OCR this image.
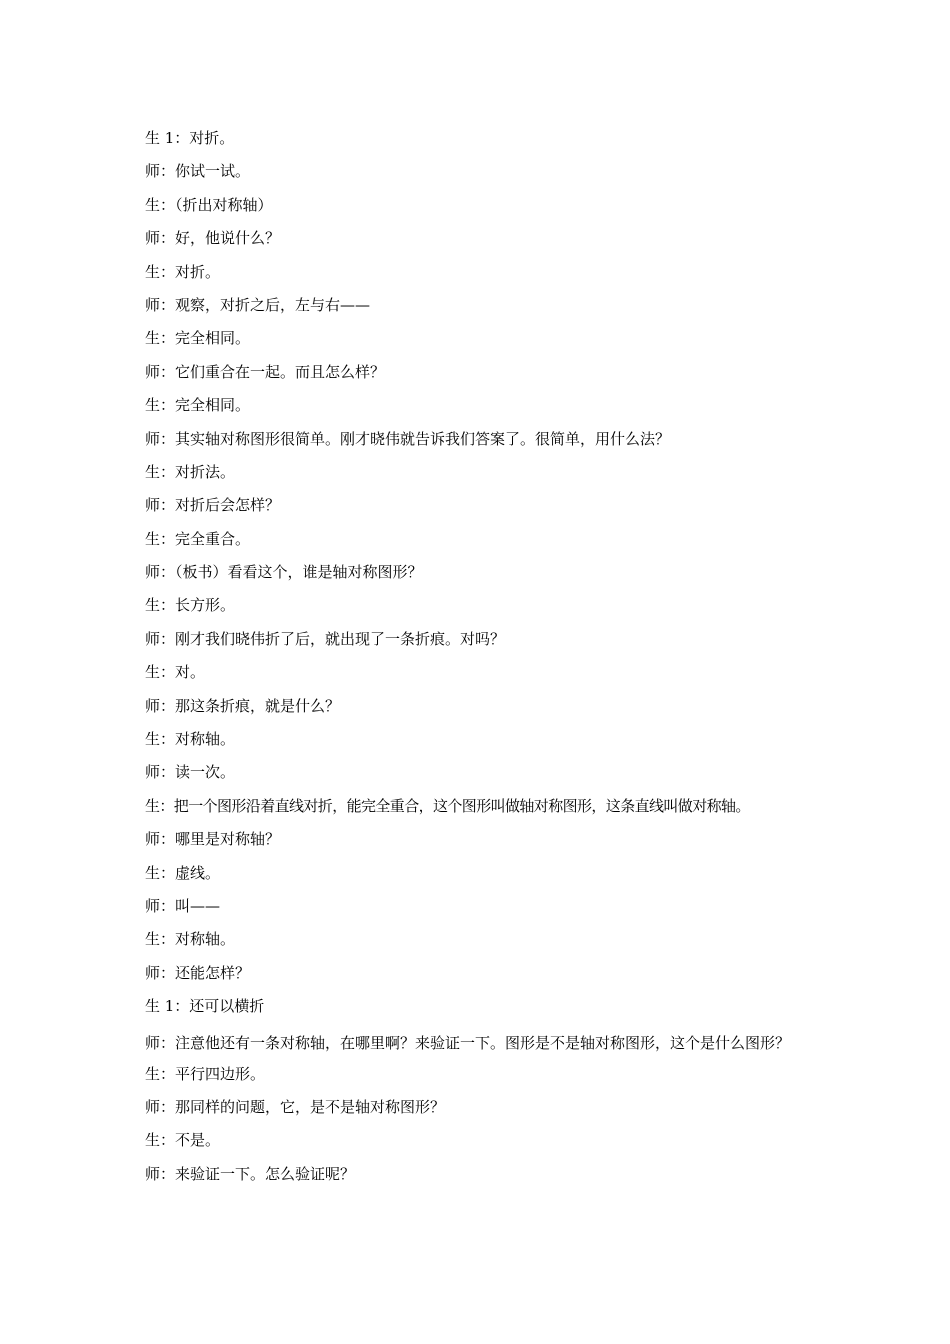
生 1：对折。
师：你试一试。
生：（折出对称轴）
师：好，他说什么？
生：对折。
师：观察，对折之后，左与右——
生：完全相同。
师：它们重合在一起。而且怎么样？
生：完全相同。
师：其实轴对称图形很简单。刚才晓伟就告诉我们答案了。很简单，用什么法？
生：对折法。
师：对折后会怎样？
生：完全重合。
师：（板书）看看这个，谁是轴对称图形？
生：长方形。
师：刚才我们晓伟折了后，就出现了一条折痕。对吗？
生：对。
师：那这条折痕，就是什么？
生：对称轴。
师：读一次。
生：把一个图形沿着直线对折，能完全重合，这个图形叫做轴对称图形，这条直线叫做对称轴。
师：哪里是对称轴？
生：虚线。
师：叫——
生：对称轴。
师：还能怎样？
生 1：还可以横折
师：注意他还有一条对称轴，在哪里啊？来验证一下。图形是不是轴对称图形，这个是什么图形？
生：平行四边形。
师：那同样的问题，它，是不是轴对称图形？
生：不是。
师：来验证一下。怎么验证呢？
